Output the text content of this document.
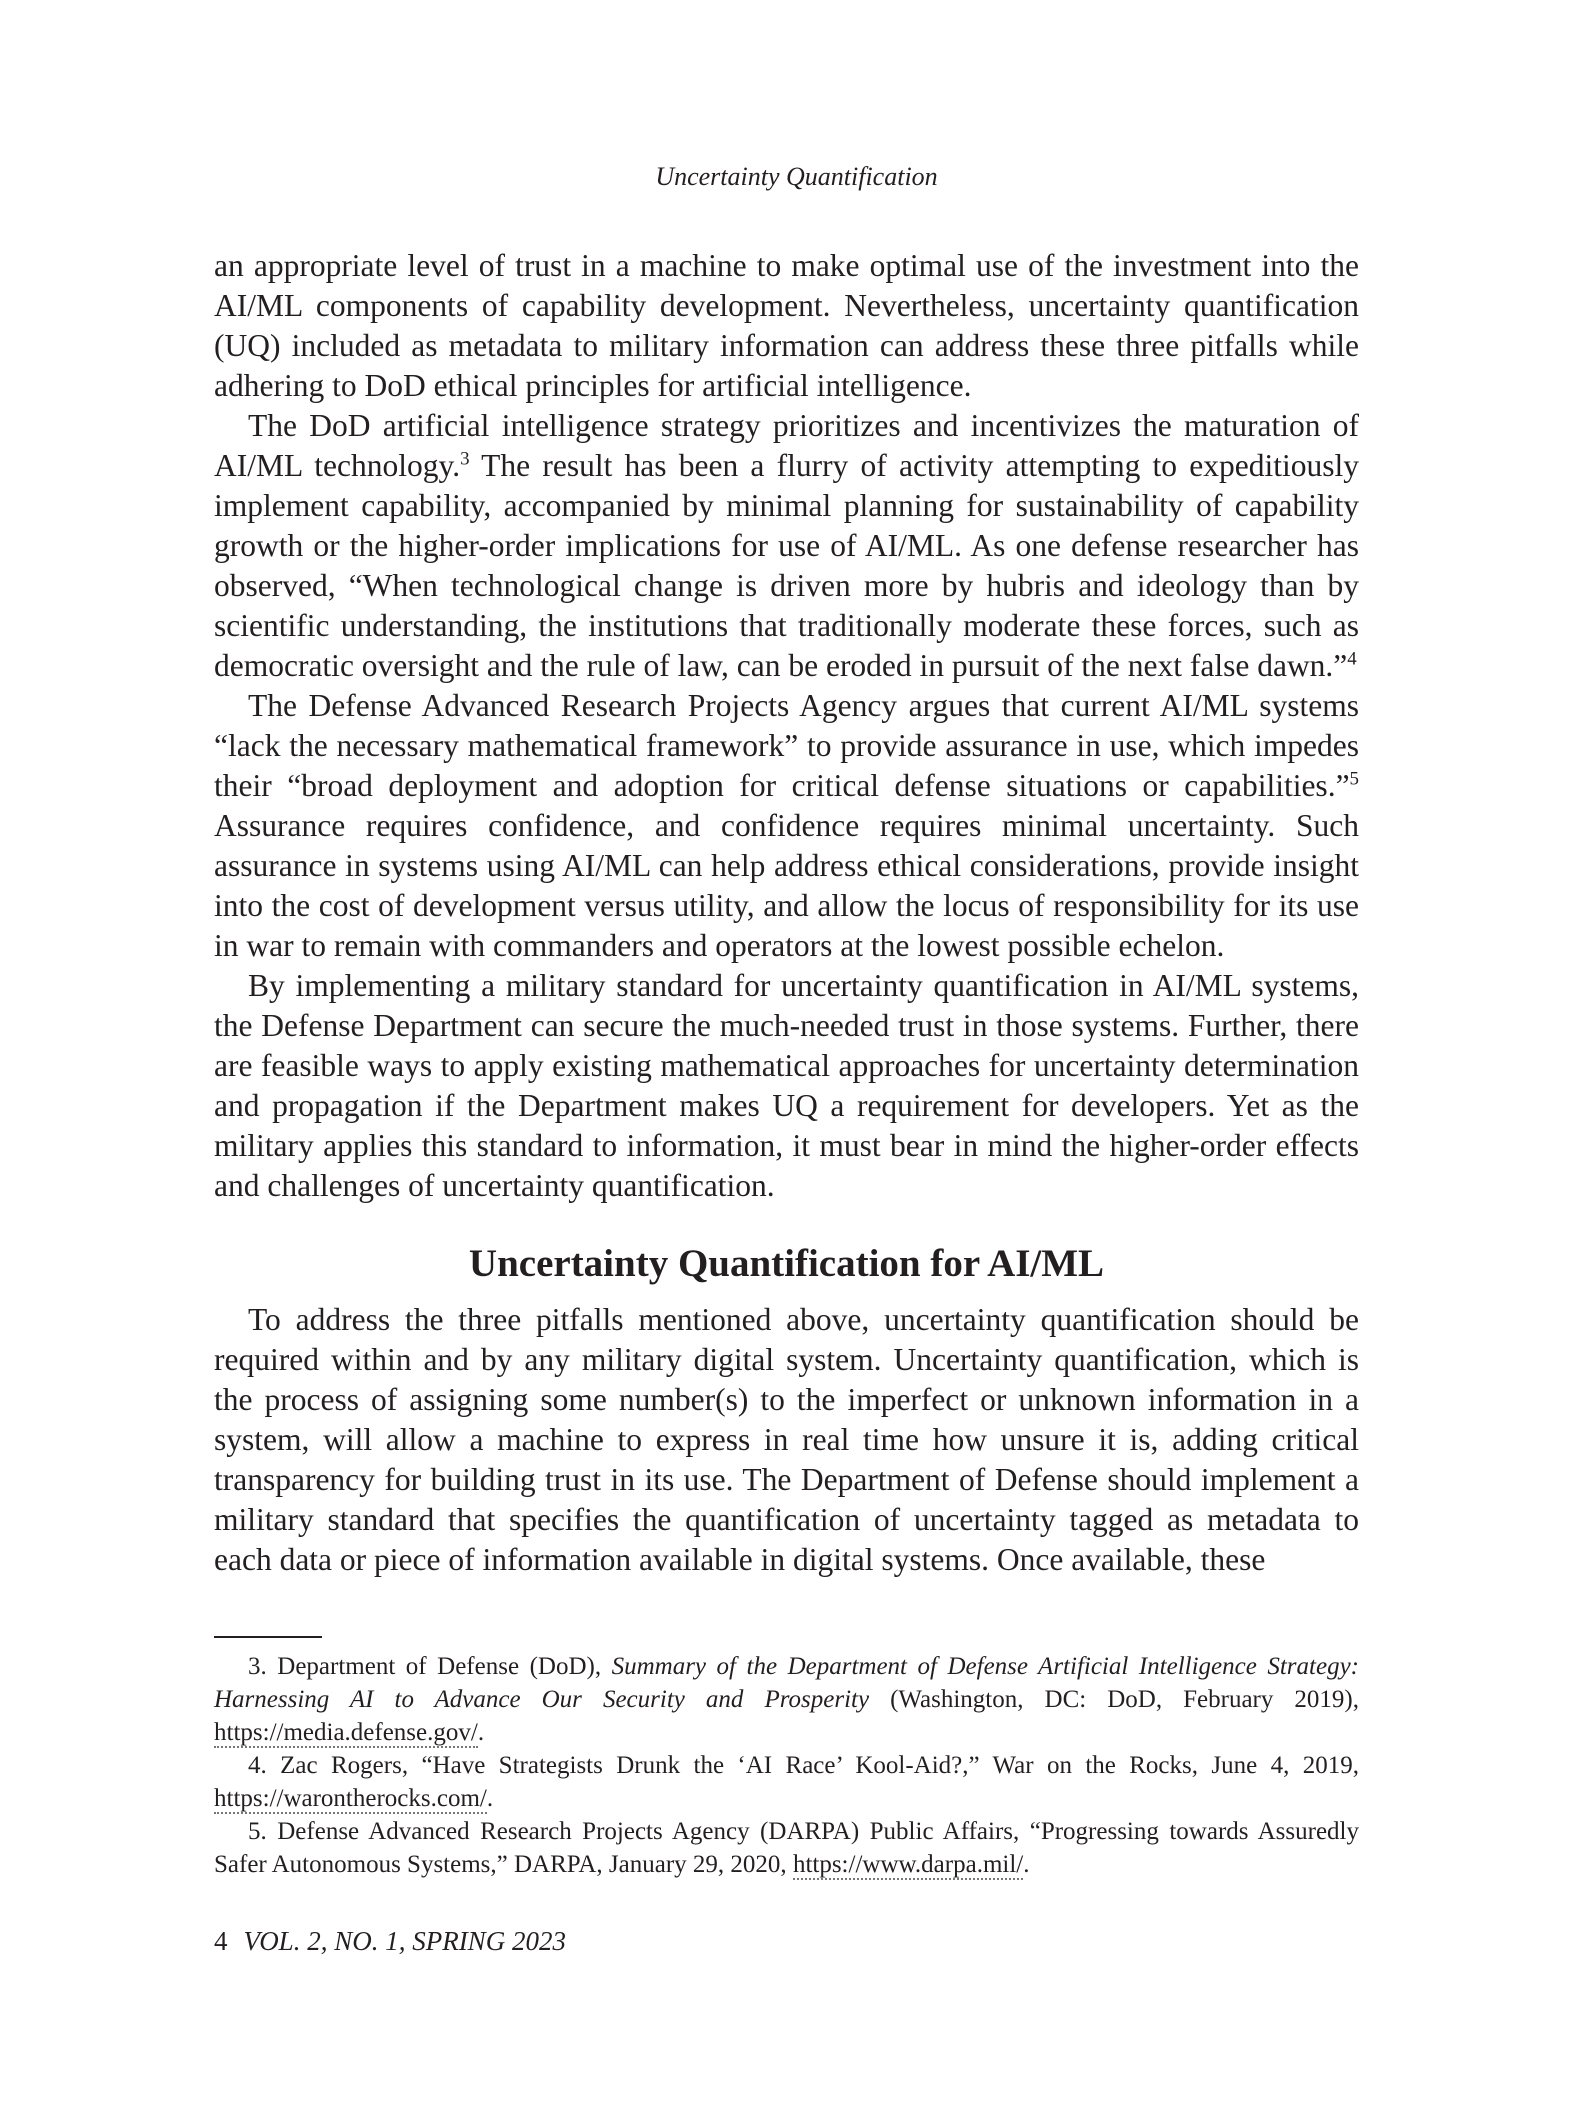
Uncertainty Quantification

an appropriate level of trust in a machine to make optimal use of the investment into the AI/ML components of capability development. Nevertheless, uncertainty quantification (UQ) included as metadata to military information can address these three pitfalls while adhering to DoD ethical principles for artificial intelligence.

The DoD artificial intelligence strategy prioritizes and incentivizes the maturation of AI/ML technology.$^3$ The result has been a flurry of activity attempting to expeditiously implement capability, accompanied by minimal planning for sustainability of capability growth or the higher-order implications for use of AI/ML. As one defense researcher has observed, “When technological change is driven more by hubris and ideology than by scientific understanding, the institutions that traditionally moderate these forces, such as democratic oversight and the rule of law, can be eroded in pursuit of the next false dawn.”$^4$

The Defense Advanced Research Projects Agency argues that current AI/ML systems “lack the necessary mathematical framework” to provide assurance in use, which impedes their “broad deployment and adoption for critical defense situations or capabilities.”$^5$ Assurance requires confidence, and confidence requires minimal uncertainty. Such assurance in systems using AI/ML can help address ethical considerations, provide insight into the cost of development versus utility, and allow the locus of responsibility for its use in war to remain with commanders and operators at the lowest possible echelon.

By implementing a military standard for uncertainty quantification in AI/ML systems, the Defense Department can secure the much-needed trust in those systems. Further, there are feasible ways to apply existing mathematical approaches for uncertainty determination and propagation if the Department makes UQ a requirement for developers. Yet as the military applies this standard to information, it must bear in mind the higher-order effects and challenges of uncertainty quantification.

Uncertainty Quantification for AI/ML

To address the three pitfalls mentioned above, uncertainty quantification should be required within and by any military digital system. Uncertainty quantification, which is the process of assigning some number(s) to the imperfect or unknown information in a system, will allow a machine to express in real time how unsure it is, adding critical transparency for building trust in its use. The Department of Defense should implement a military standard that specifies the quantification of uncertainty tagged as metadata to each data or piece of information available in digital systems. Once available, these

3. Department of Defense (DoD), Summary of the Department of Defense Artificial Intelligence Strategy: Harnessing AI to Advance Our Security and Prosperity (Washington, DC: DoD, February 2019), https://media.defense.gov/.

4. Zac Rogers, “Have Strategists Drunk the ‘AI Race’ Kool-Aid?,” War on the Rocks, June 4, 2019, https://warontherocks.com/.

5. Defense Advanced Research Projects Agency (DARPA) Public Affairs, “Progressing towards Assuredly Safer Autonomous Systems,” DARPA, January 29, 2020, https://www.darpa.mil/.

4 VOL. 2, NO. 1, SPRING 2023
